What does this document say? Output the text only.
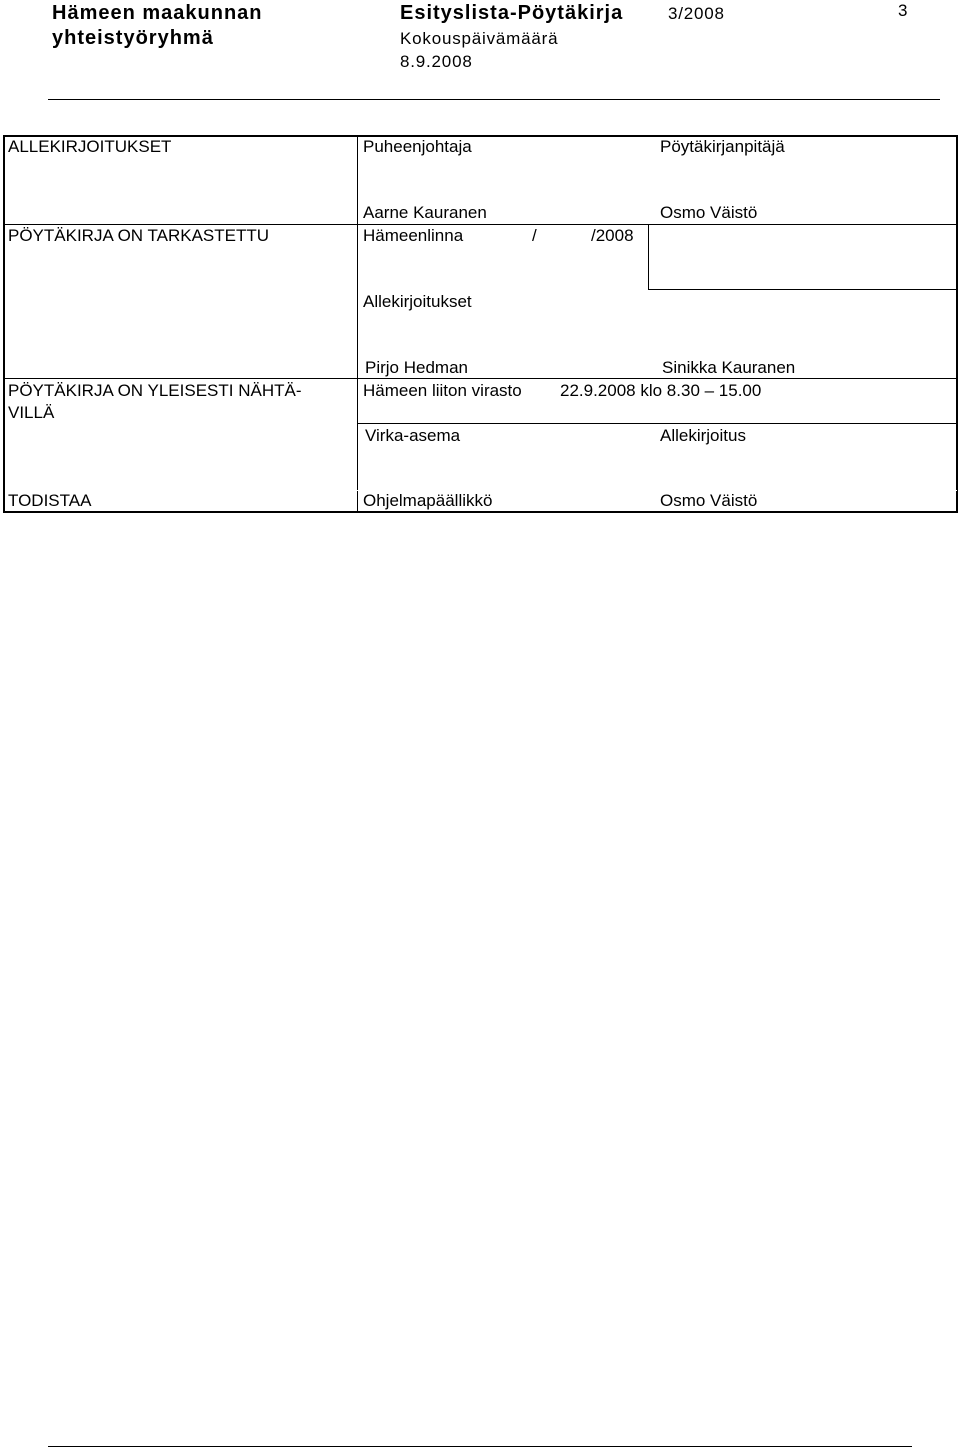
Hämeen maakunnan
yhteistyöryhmä
Esityslista-Pöytäkirja	3/2008
Kokouspäivämäärä
8.9.2008
3
ALLEKIRJOITUKSET	Puheenjohtaja	Pöytäkirjanpitäjä
Aarne Kauranen	Osmo Väistö
PÖYTÄKIRJA ON TARKASTETTU	Hämeenlinna	/	/2008
Allekirjoitukset
Pirjo Hedman	Sinikka Kauranen
PÖYTÄKIRJA ON YLEISESTI NÄHTÄ-
VILLÄ
Hämeen liiton virasto 22.9.2008 klo 8.30 – 15.00
Virka-asema	Allekirjoitus
TODISTAA	Ohjelmapäällikkö	Osmo Väistö
